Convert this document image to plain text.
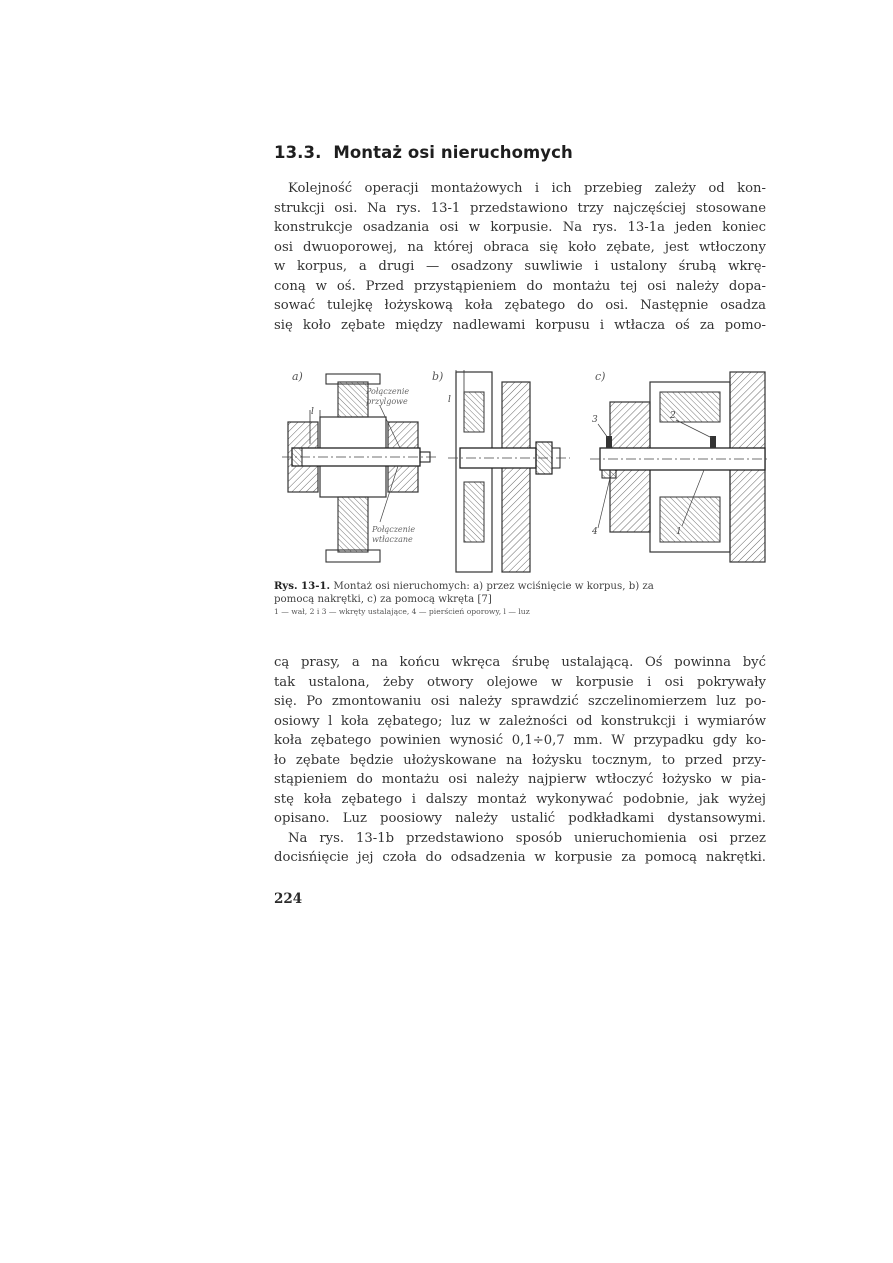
13.3. Montaż osi nieruchomych

Kolejność operacji montażowych i ich przebieg zależy od kon-
strukcji osi. Na rys. 13-1 przedstawiono trzy najczęściej stosowane
konstrukcje osadzania osi w korpusie. Na rys. 13-1a jeden koniec
osi dwuoporowej, na której obraca się koło zębate, jest wtłoczony
w korpus, a drugi — osadzony suwliwie i ustalony śrubą wkrę-
coną w oś. Przed przystąpieniem do montażu tej osi należy dopa-
sować tulejkę łożyskową koła zębatego do osi. Następnie osadza
się koło zębate między nadlewami korpusu i wtłacza oś za pomo-

a)
l
Połączenie
przylgowe
Połączenie
wtłaczane
b)
l
c)
3	2
4	1
Rys. 13-1. Montaż osi nieruchomych: a) przez wciśnięcie w korpus, b) za
pomocą nakrętki, c) za pomocą wkręta [7]
1 — wał, 2 i 3 — wkręty ustalające, 4 — pierścień oporowy, l — luz

cą prasy, a na końcu wkręca śrubę ustalającą. Oś powinna być
tak ustalona, żeby otwory olejowe w korpusie i osi pokrywały
się. Po zmontowaniu osi należy sprawdzić szczelinomierzem luz po-
osiowy l koła zębatego; luz w zależności od konstrukcji i wymiarów
koła zębatego powinien wynosić 0,1÷0,7 mm. W przypadku gdy ko-
ło zębate będzie ułożyskowane na łożysku tocznym, to przed przy-
stąpieniem do montażu osi należy najpierw wtłoczyć łożysko w pia-
stę koła zębatego i dalszy montaż wykonywać podobnie, jak wyżej
opisano. Luz poosiowy należy ustalić podkładkami dystansowymi.
Na rys. 13-1b przedstawiono sposób unieruchomienia osi przez
docisńięcie jej czoła do odsadzenia w korpusie za pomocą nakrętki.

224
